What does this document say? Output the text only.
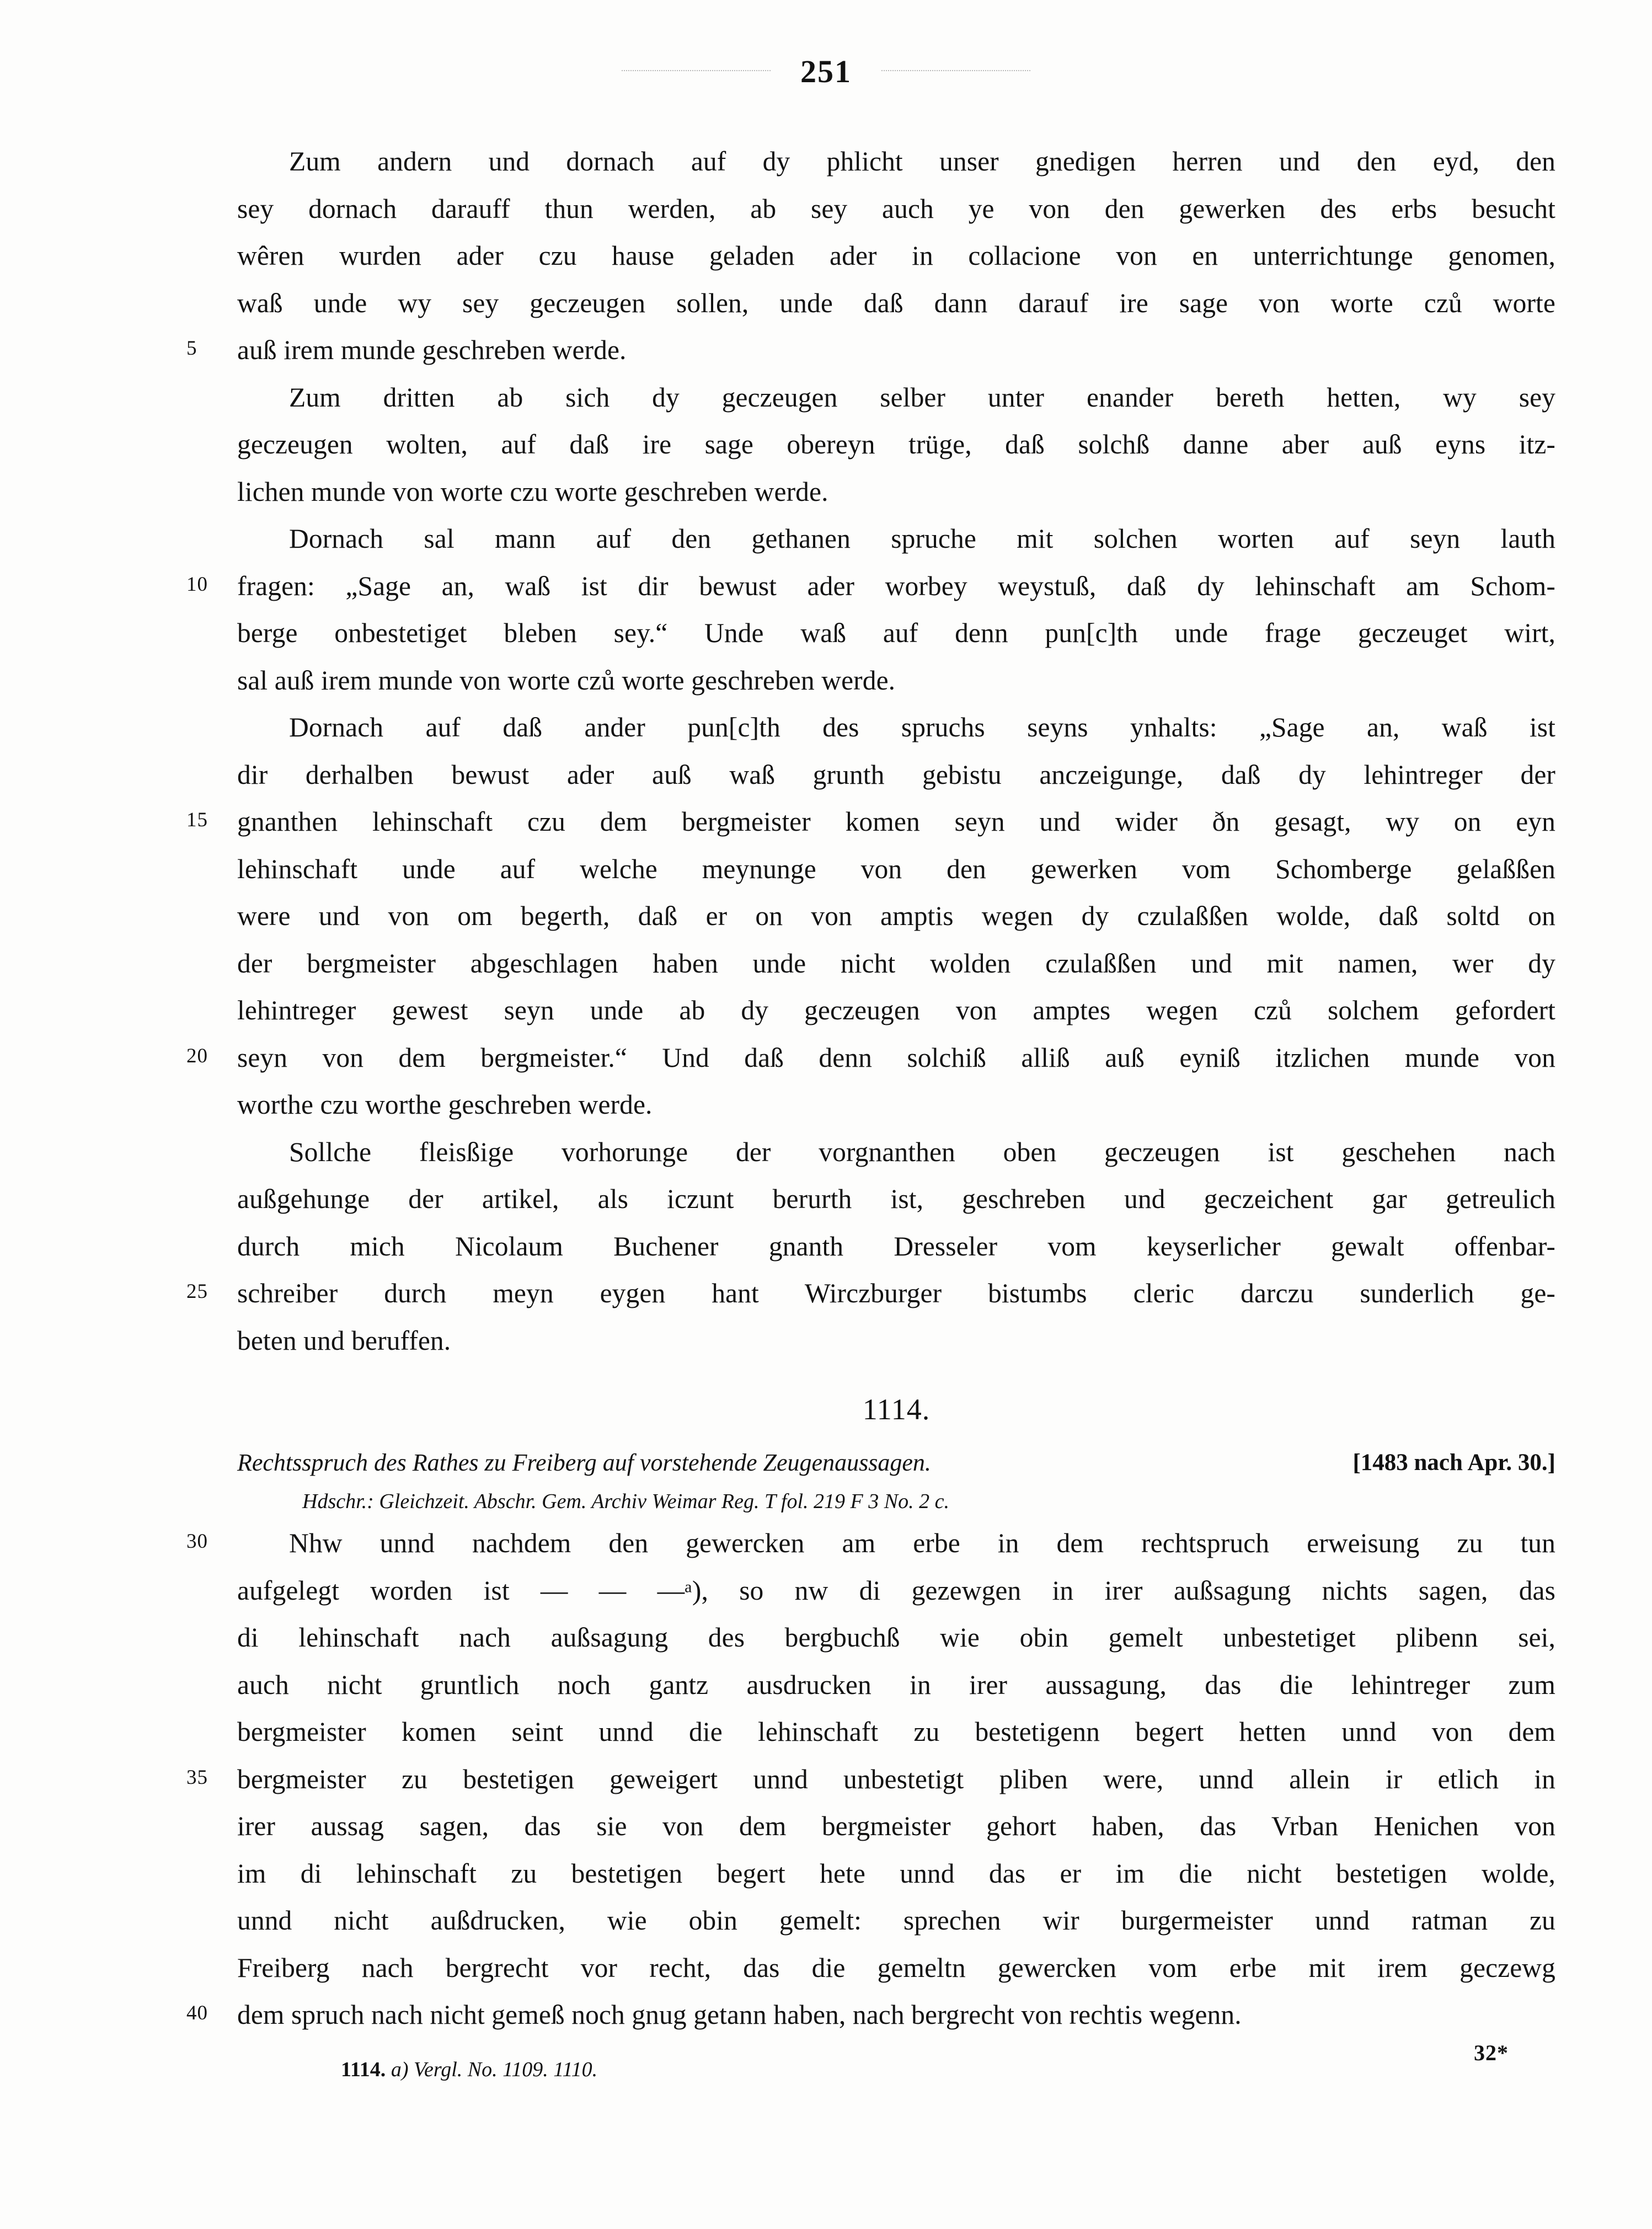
251
Zum andern und dornach auf dy phlicht unser gnedigen herren und den eyd, den
sey dornach darauff thun werden, ab sey auch ye von den gewerken des erbs besucht
wêren wurden ader czu hause geladen ader in collacione von en unterrichtunge genomen,
waß unde wy sey geczeugen sollen, unde daß dann darauf ire sage von worte czů worte
5	auß irem munde geschreben werde.
Zum dritten ab sich dy geczeugen selber unter enander bereth hetten, wy sey
geczeugen wolten, auf daß ire sage obereyn trüge, daß solchß danne aber auß eyns itz-
lichen munde von worte czu worte geschreben werde.
Dornach sal mann auf den gethanen spruche mit solchen worten auf seyn lauth
10	fragen: „Sage an, waß ist dir bewust ader worbey weystuß, daß dy lehinschaft am Schom-
berge onbestetiget bleben sey.“ Unde waß auf denn pun[c]th unde frage geczeuget wirt,
sal auß irem munde von worte czů worte geschreben werde.
Dornach auf daß ander pun[c]th des spruchs seyns ynhalts: „Sage an, waß ist
dir derhalben bewust ader auß waß grunth gebistu anczeigunge, daß dy lehintreger der
15	gnanthen lehinschaft czu dem bergmeister komen seyn und wider ðn gesagt, wy on eyn
lehinschaft unde auf welche meynunge von den gewerken vom Schomberge gelaßßen
were und von om begerth, daß er on von amptis wegen dy czulaßßen wolde, daß soltd on
der bergmeister abgeschlagen haben unde nicht wolden czulaßßen und mit namen, wer dy
lehintreger gewest seyn unde ab dy geczeugen von amptes wegen czů solchem gefordert
20	seyn von dem bergmeister.“ Und daß denn solchiß alliß auß eyniß itzlichen munde von
worthe czu worthe geschreben werde.
Sollche fleisßige vorhorunge der vorgnanthen oben geczeugen ist geschehen nach
außgehunge der artikel, als iczunt berurth ist, geschreben und geczeichent gar getreulich
durch mich Nicolaum Buchener gnanth Dresseler vom keyserlicher gewalt offenbar-
25	schreiber durch meyn eygen hant Wirczburger bistumbs cleric darczu sunderlich ge-
beten und beruffen.
1114.
Rechtsspruch des Rathes zu Freiberg auf vorstehende Zeugenaussagen.	[1483 nach Apr. 30.]
Hdschr.: Gleichzeit. Abschr. Gem. Archiv Weimar Reg. T fol. 219 F 3 No. 2 c.
30	Nhw unnd nachdem den gewercken am erbe in dem rechtspruch erweisung zu tun
aufgelegt worden ist — — —ᵃ), so nw di gezewgen in irer außsagung nichts sagen, das
di lehinschaft nach außsagung des bergbuchß wie obin gemelt unbestetiget plibenn sei,
auch nicht gruntlich noch gantz ausdrucken in irer aussagung, das die lehintreger zum
bergmeister komen seint unnd die lehinschaft zu bestetigenn begert hetten unnd von dem
35	bergmeister zu bestetigen geweigert unnd unbestetigt pliben were, unnd allein ir etlich in
irer aussag sagen, das sie von dem bergmeister gehort haben, das Vrban Henichen von
im di lehinschaft zu bestetigen begert hete unnd das er im die nicht bestetigen wolde,
unnd nicht außdrucken, wie obin gemelt: sprechen wir burgermeister unnd ratman zu
Freiberg nach bergrecht vor recht, das die gemeltn gewercken vom erbe mit irem geczewg
40	dem spruch nach nicht gemeß noch gnug getann haben, nach bergrecht von rechtis wegenn.
1114. a) Vergl. No. 1109. 1110.
32*
